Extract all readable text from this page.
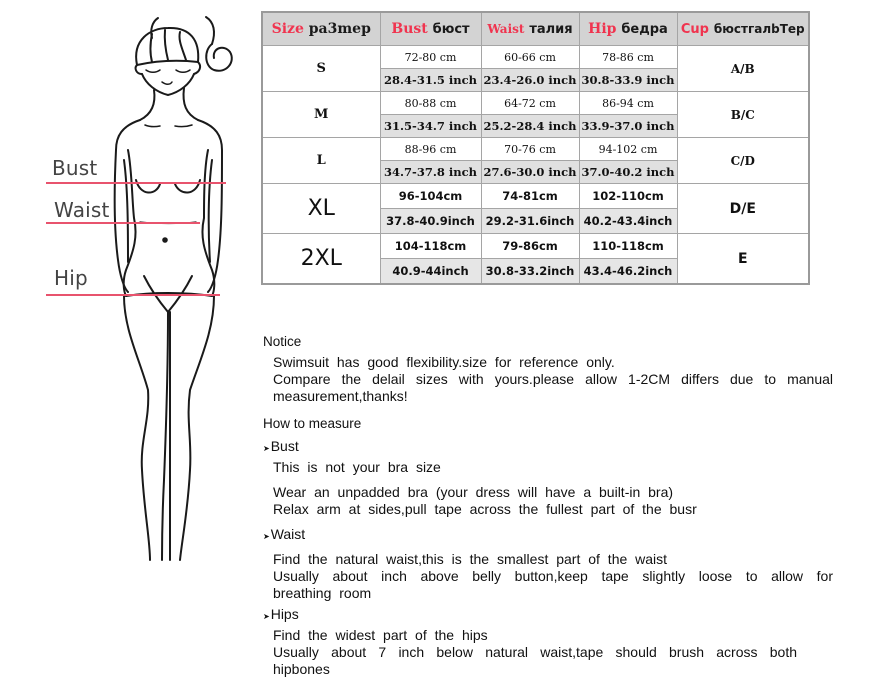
Bust
Waist
Hip
Size pa3mep	Bust бюст	Waist талия	Hip бедра	Cup бюстгалbТер
S	72-80 cm	60-66 cm	78-86 cm	A/B
	28.4-31.5 inch	23.4-26.0 inch	30.8-33.9 inch	
M	80-88 cm	64-72 cm	86-94 cm	B/C
	31.5-34.7 inch	25.2-28.4 inch	33.9-37.0 inch	
L	88-96 cm	70-76 cm	94-102 cm	C/D
	34.7-37.8 inch	27.6-30.0 inch	37.0-40.2 inch	
XL	96-104cm	74-81cm	102-110cm	D/E
	37.8-40.9inch	29.2-31.6inch	40.2-43.4inch	
2XL	104-118cm	79-86cm	110-118cm	E
	40.9-44inch	30.8-33.2inch	43.4-46.2inch	

Notice

Swimsuit has good flexibility.size for reference only.

Compare the delail sizes with yours.please allow 1-2CM differs due to manual measurement,thanks!

How to measure

➤ Bust

This is not your bra size

Wear an unpadded bra (your dress will have a built-in bra)

Relax arm at sides,pull tape across the fullest part of the busr

➤ Waist

Find the natural waist,this is the smallest part of the waist

Usually about inch above belly button,keep tape slightly loose to allow for breathing room

➤ Hips

Find the widest part of the hips

Usually about 7 inch below natural waist,tape should brush across both hipbones
